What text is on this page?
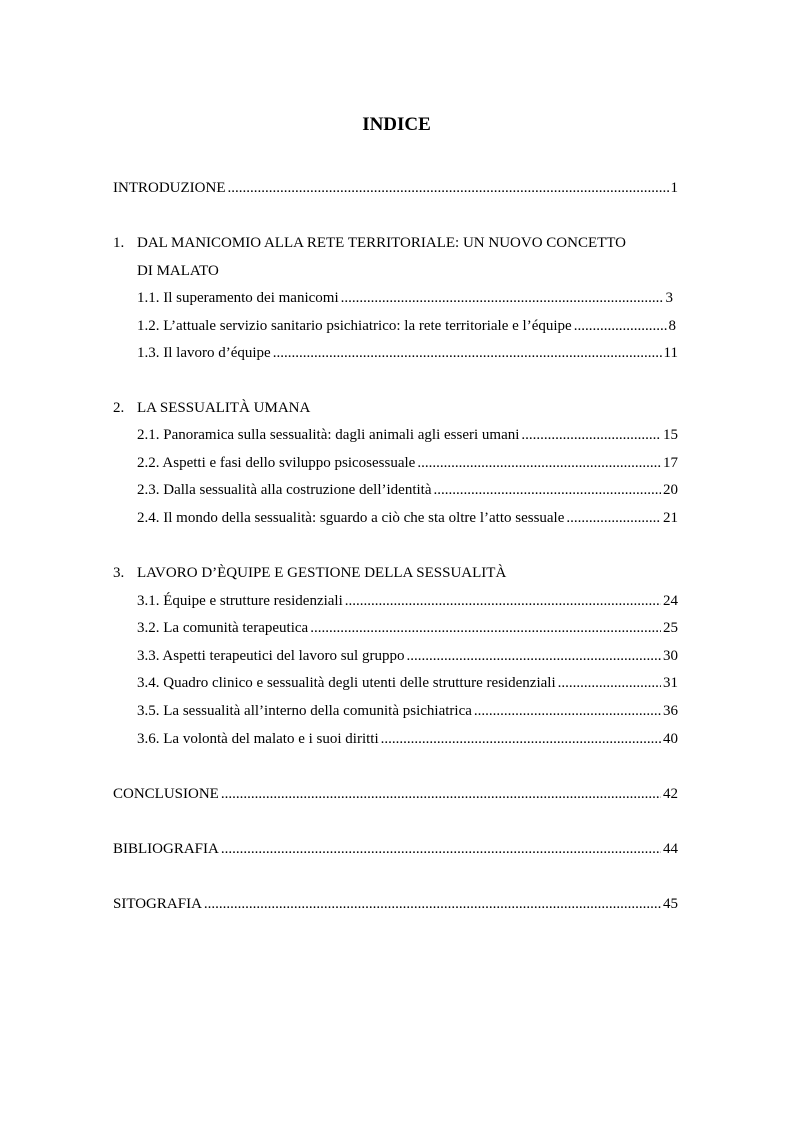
INDICE
INTRODUZIONE .....	1
1. DAL MANICOMIO ALLA RETE TERRITORIALE: UN NUOVO CONCETTO
DI MALATO
1.1. Il superamento dei manicomi .....	3
1.2. L’attuale servizio sanitario psichiatrico: la rete territoriale e l’équipe .....	8
1.3. Il lavoro d’équipe .....	11
2. LA SESSUALITÀ UMANA
2.1. Panoramica sulla sessualità: dagli animali agli esseri umani .....	15
2.2. Aspetti e fasi dello sviluppo psicosessuale .....	17
2.3. Dalla sessualità alla costruzione dell’identità .....	20
2.4. Il mondo della sessualità: sguardo a ciò che sta oltre l’atto sessuale .....	21
3. LAVORO D’ÈQUIPE E GESTIONE DELLA SESSUALITÀ
3.1. Équipe e strutture residenziali .....	24
3.2. La comunità terapeutica .....	25
3.3. Aspetti terapeutici del lavoro sul gruppo .....	30
3.4. Quadro clinico e sessualità degli utenti delle strutture residenziali .....	31
3.5. La sessualità all’interno della comunità psichiatrica .....	36
3.6. La volontà del malato e i suoi diritti .....	40
CONCLUSIONE .....	42
BIBLIOGRAFIA .....	44
SITOGRAFIA .....	45
